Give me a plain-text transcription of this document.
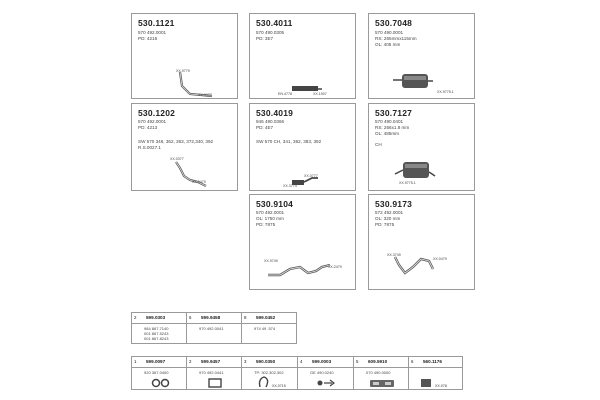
530.1121
570 492.0001
PD: 4216
XX.9779
XX.0477
530.4011
570 490.0305
PD: 3E7
EN.4778	XX.1907
530.7048
570 490.0001
RS: 265mmx115mm
OL: 405 mm
XX.9775.1
530.1202
570 492.0001
PD: 4213
SW 570 346, 362, 363, 372,340, 392
R.S.0027.1
XX.0377
XX.0479
530.4019
946 490.0366
PD: 4E7
SW 570 CH, 341, 362, 383, 392
XX.0777
XX.3774
530.7127
570 490.0401
RS: 266x1.8 mm
OL: 485mm
CH
XX.9775.1
530.9104
570 492.0001
OL: 1750 mm
PD: 7875
XX.9749
XX.2479
530.9173
572 492.0001
OL: 320 mm
PD: 7875
XX.3749
XX.0479
2 599.0303
984 867.7140
001 867.5243
001 867.8243
6 599.9458
970 492.0041
8 599.0452
974 49 .574
1 599.0097
920 367.0400
2 599.9457
970 492.0441
3 590.0350
TP: 302.302.302
XX.0715
4 599.0003
GE 490.0240
5 609.5910
070 490.0000
6 560.1176
XX.078
